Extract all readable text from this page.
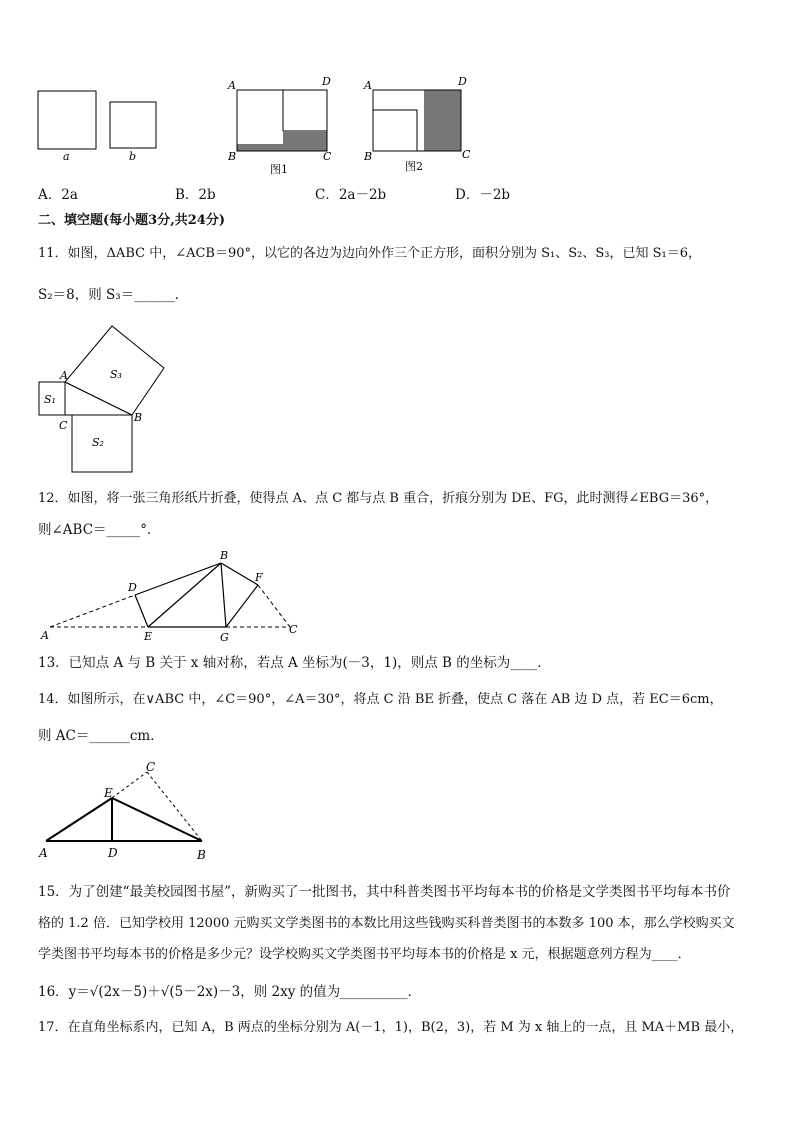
a	b
A	D
B	C
图1
A	D
B	C
图2
A．2a	B．2b	C．2a－2b	D．－2b
二、填空题(每小题3分,共24分)
11．如图，ΔABC 中，∠ACB＝90°，以它的各边为边向外作三个正方形，面积分别为 S₁、S₂、S₃，已知 S₁＝6，
S₂＝8，则 S₃＝______．
S₁
S₂
S₃
A
C
B
12．如图，将一张三角形纸片折叠，使得点 A、点 C 都与点 B 重合，折痕分别为 DE、FG，此时测得∠EBG＝36°，
则∠ABC＝_____°．
A
B
C
D
E
F
G
13．已知点 A 与 B 关于 x 轴对称，若点 A 坐标为(－3，1)，则点 B 的坐标为____．
14．如图所示，在∨ABC 中，∠C＝90°，∠A＝30°，将点 C 沿 BE 折叠，使点 C 落在 AB 边 D 点，若 EC＝6cm，
则 AC＝______cm．
A	D	B
E
C
15．为了创建“最美校园图书屋”，新购买了一批图书，其中科普类图书平均每本书的价格是文学类图书平均每本书价
格的 1.2 倍．已知学校用 12000 元购买文学类图书的本数比用这些钱购买科普类图书的本数多 100 本，那么学校购买文
学类图书平均每本书的价格是多少元？设学校购买文学类图书平均每本书的价格是 x 元，根据题意列方程为____．
16．y＝√(2x－5)＋√(5－2x)－3，则 2xy 的值为__________．
17．在直角坐标系内，已知 A，B 两点的坐标分别为 A(－1，1)，B(2，3)，若 M 为 x 轴上的一点，且 MA＋MB 最小，
